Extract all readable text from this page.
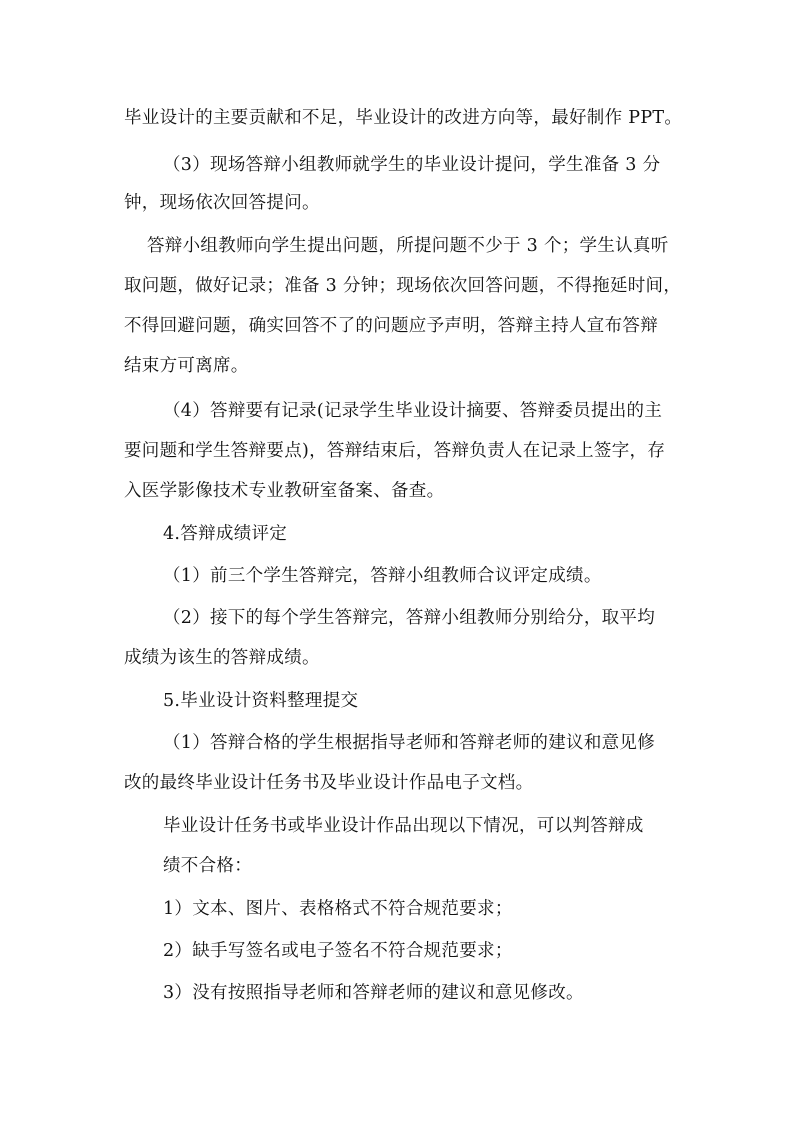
毕业设计的主要贡献和不足，毕业设计的改进方向等，最好制作 PPT。
（3）现场答辩小组教师就学生的毕业设计提问，学生准备 3 分
钟，现场依次回答提问。
答辩小组教师向学生提出问题，所提问题不少于 3 个；学生认真听
取问题，做好记录；准备 3 分钟；现场依次回答问题，不得拖延时间，
不得回避问题，确实回答不了的问题应予声明，答辩主持人宣布答辩
结束方可离席。
（4）答辩要有记录(记录学生毕业设计摘要、答辩委员提出的主
要问题和学生答辩要点)，答辩结束后，答辩负责人在记录上签字，存
入医学影像技术专业教研室备案、备查。
4.答辩成绩评定
（1）前三个学生答辩完，答辩小组教师合议评定成绩。
（2）接下的每个学生答辩完，答辩小组教师分别给分，取平均
成绩为该生的答辩成绩。
5.毕业设计资料整理提交
（1）答辩合格的学生根据指导老师和答辩老师的建议和意见修
改的最终毕业设计任务书及毕业设计作品电子文档。
毕业设计任务书或毕业设计作品出现以下情况，可以判答辩成
绩不合格：
1）文本、图片、表格格式不符合规范要求；
2）缺手写签名或电子签名不符合规范要求；
3）没有按照指导老师和答辩老师的建议和意见修改。
